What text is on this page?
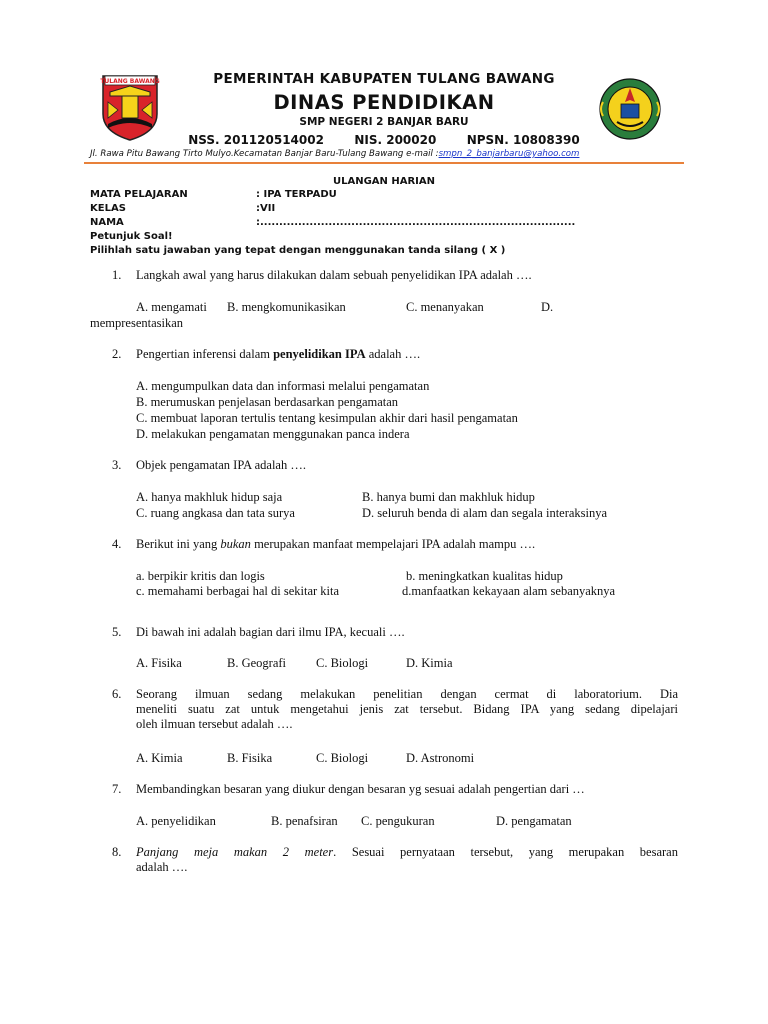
TULANG BAWANG	PEMERINTAH KABUPATEN TULANG BAWANG
DINAS PENDIDIKAN
SMP NEGERI 2 BANJAR BARU
NSS. 201120514002	NIS. 200020	NPSN. 10808390
Jl. Rawa Pitu Bawang Tirto Mulyo.Kecamatan Banjar Baru-Tulang Bawang e-mail :smpn_2_banjarbaru@yahoo.com
ULANGAN HARIAN
MATA PELAJARAN	: IPA TERPADU
KELAS	:VII
NAMA	:...................................................................................
Petunjuk Soal!
Pilihlah satu jawaban yang tepat dengan menggunakan tanda silang ( X )
1. Langkah awal yang harus dilakukan dalam sebuah penyelidikan IPA adalah ….
A. mengamati B. mengkomunikasikan	C. menanyakan	D.
mempresentasikan
2. Pengertian inferensi dalam penyelidikan IPA adalah ….
A. mengumpulkan data dan informasi melalui pengamatan
B. merumuskan penjelasan berdasarkan pengamatan
C. membuat laporan tertulis tentang kesimpulan akhir dari hasil pengamatan
D. melakukan pengamatan menggunakan panca indera
3. Objek pengamatan IPA adalah ….
A. hanya makhluk hidup saja	B. hanya bumi dan makhluk hidup
C. ruang angkasa dan tata surya	D. seluruh benda di alam dan segala interaksinya
4. Berikut ini yang bukan merupakan manfaat mempelajari IPA adalah mampu ….
a. berpikir kritis dan logis	b. meningkatkan kualitas hidup
c. memahami berbagai hal di sekitar kita	d.manfaatkan kekayaan alam sebanyaknya
5. Di bawah ini adalah bagian dari ilmu IPA, kecuali ….
A. Fisika	B. Geografi C. Biologi	D. Kimia
6. Seorang ilmuan sedang melakukan penelitian dengan cermat di laboratorium. Dia
meneliti suatu zat untuk mengetahui jenis zat tersebut. Bidang IPA yang sedang dipelajari
oleh ilmuan tersebut adalah ….
A. Kimia	B. Fisika	C. Biologi	D. Astronomi
7. Membandingkan besaran yang diukur dengan besaran yg sesuai adalah pengertian dari …
A. penyelidikan	B. penafsiran C. pengukuran	D. pengamatan
8. Panjang meja makan 2 meter. Sesuai pernyataan tersebut, yang merupakan besaran
adalah ….
